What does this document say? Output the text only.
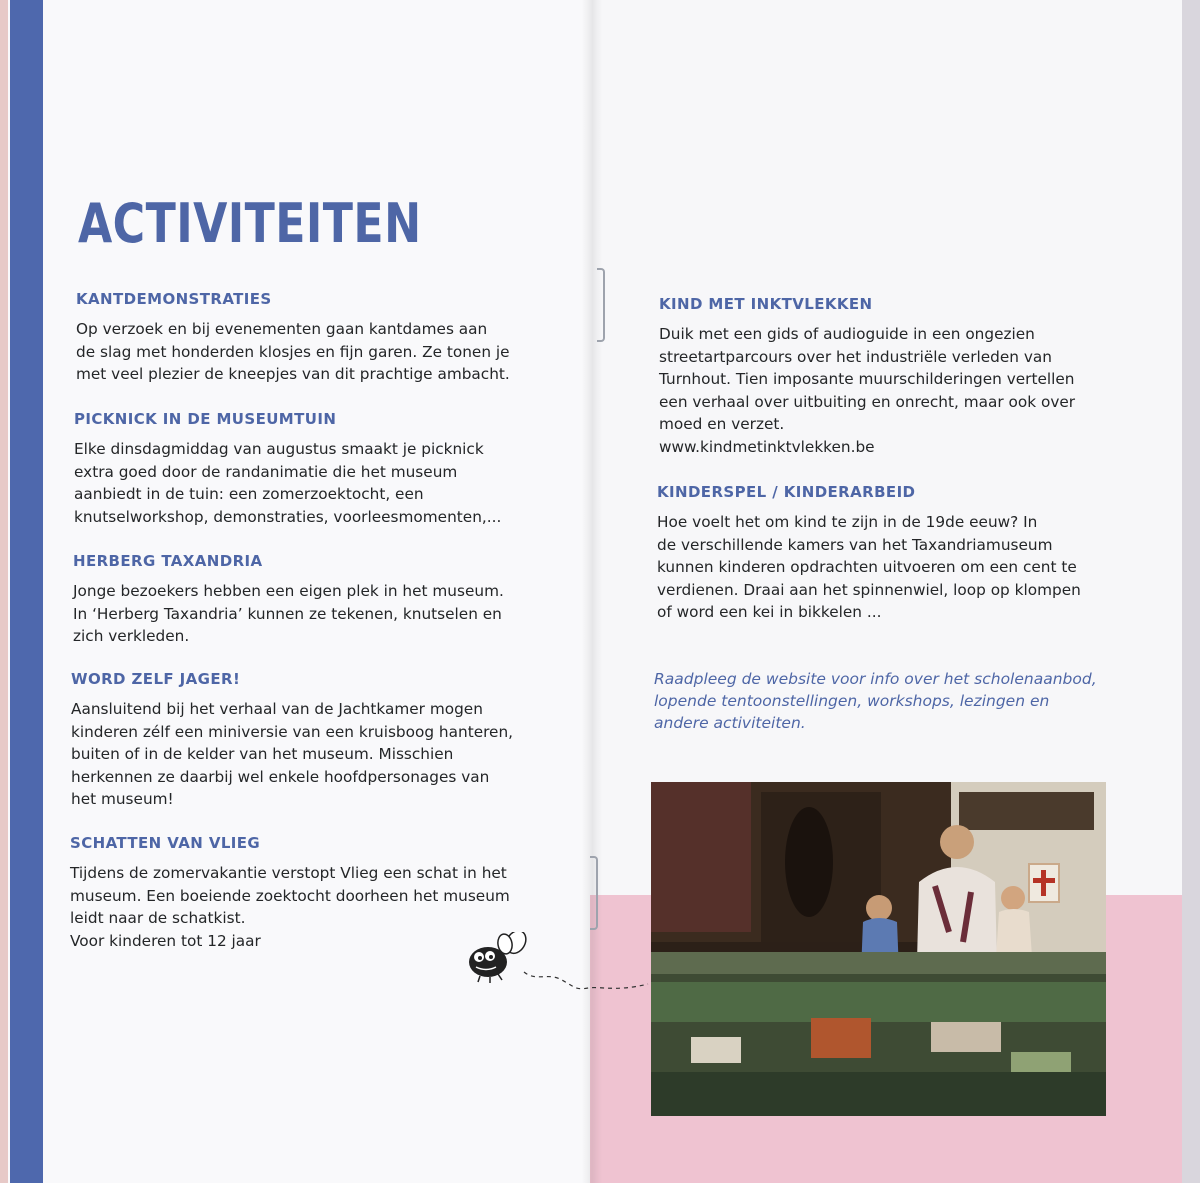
ACTIVITEITEN
KANTDEMONSTRATIES

Op verzoek en bij evenementen gaan kantdames aan
de slag met honderden klosjes en fijn garen. Ze tonen je
met veel plezier de kneepjes van dit prachtige ambacht.

PICKNICK IN DE MUSEUMTUIN

Elke dinsdagmiddag van augustus smaakt je picknick
extra goed door de randanimatie die het museum
aanbiedt in de tuin: een zomerzoektocht, een
knutselworkshop, demonstraties, voorleesmomenten,...

HERBERG TAXANDRIA

Jonge bezoekers hebben een eigen plek in het museum.
In ‘Herberg Taxandria’ kunnen ze tekenen, knutselen en
zich verkleden.

WORD ZELF JAGER!

Aansluitend bij het verhaal van de Jachtkamer mogen
kinderen zélf een miniversie van een kruisboog hanteren,
buiten of in de kelder van het museum. Misschien
herkennen ze daarbij wel enkele hoofdpersonages van
het museum!

SCHATTEN VAN VLIEG

Tijdens de zomervakantie verstopt Vlieg een schat in het
museum. Een boeiende zoektocht doorheen het museum
leidt naar de schatkist.
Voor kinderen tot 12 jaar

KIND MET INKTVLEKKEN

Duik met een gids of audioguide in een ongezien
streetartparcours over het industriële verleden van
Turnhout. Tien imposante muurschilderingen vertellen
een verhaal over uitbuiting en onrecht, maar ook over
moed en verzet.
www.kindmetinktvlekken.be

KINDERSPEL / KINDERARBEID

Hoe voelt het om kind te zijn in de 19de eeuw? In
de verschillende kamers van het Taxandriamuseum
kunnen kinderen opdrachten uitvoeren om een cent te
verdienen. Draai aan het spinnenwiel, loop op klompen
of word een kei in bikkelen ...

Raadpleeg de website voor info over het scholenaanbod,
lopende tentoonstellingen, workshops, lezingen en
andere activiteiten.
